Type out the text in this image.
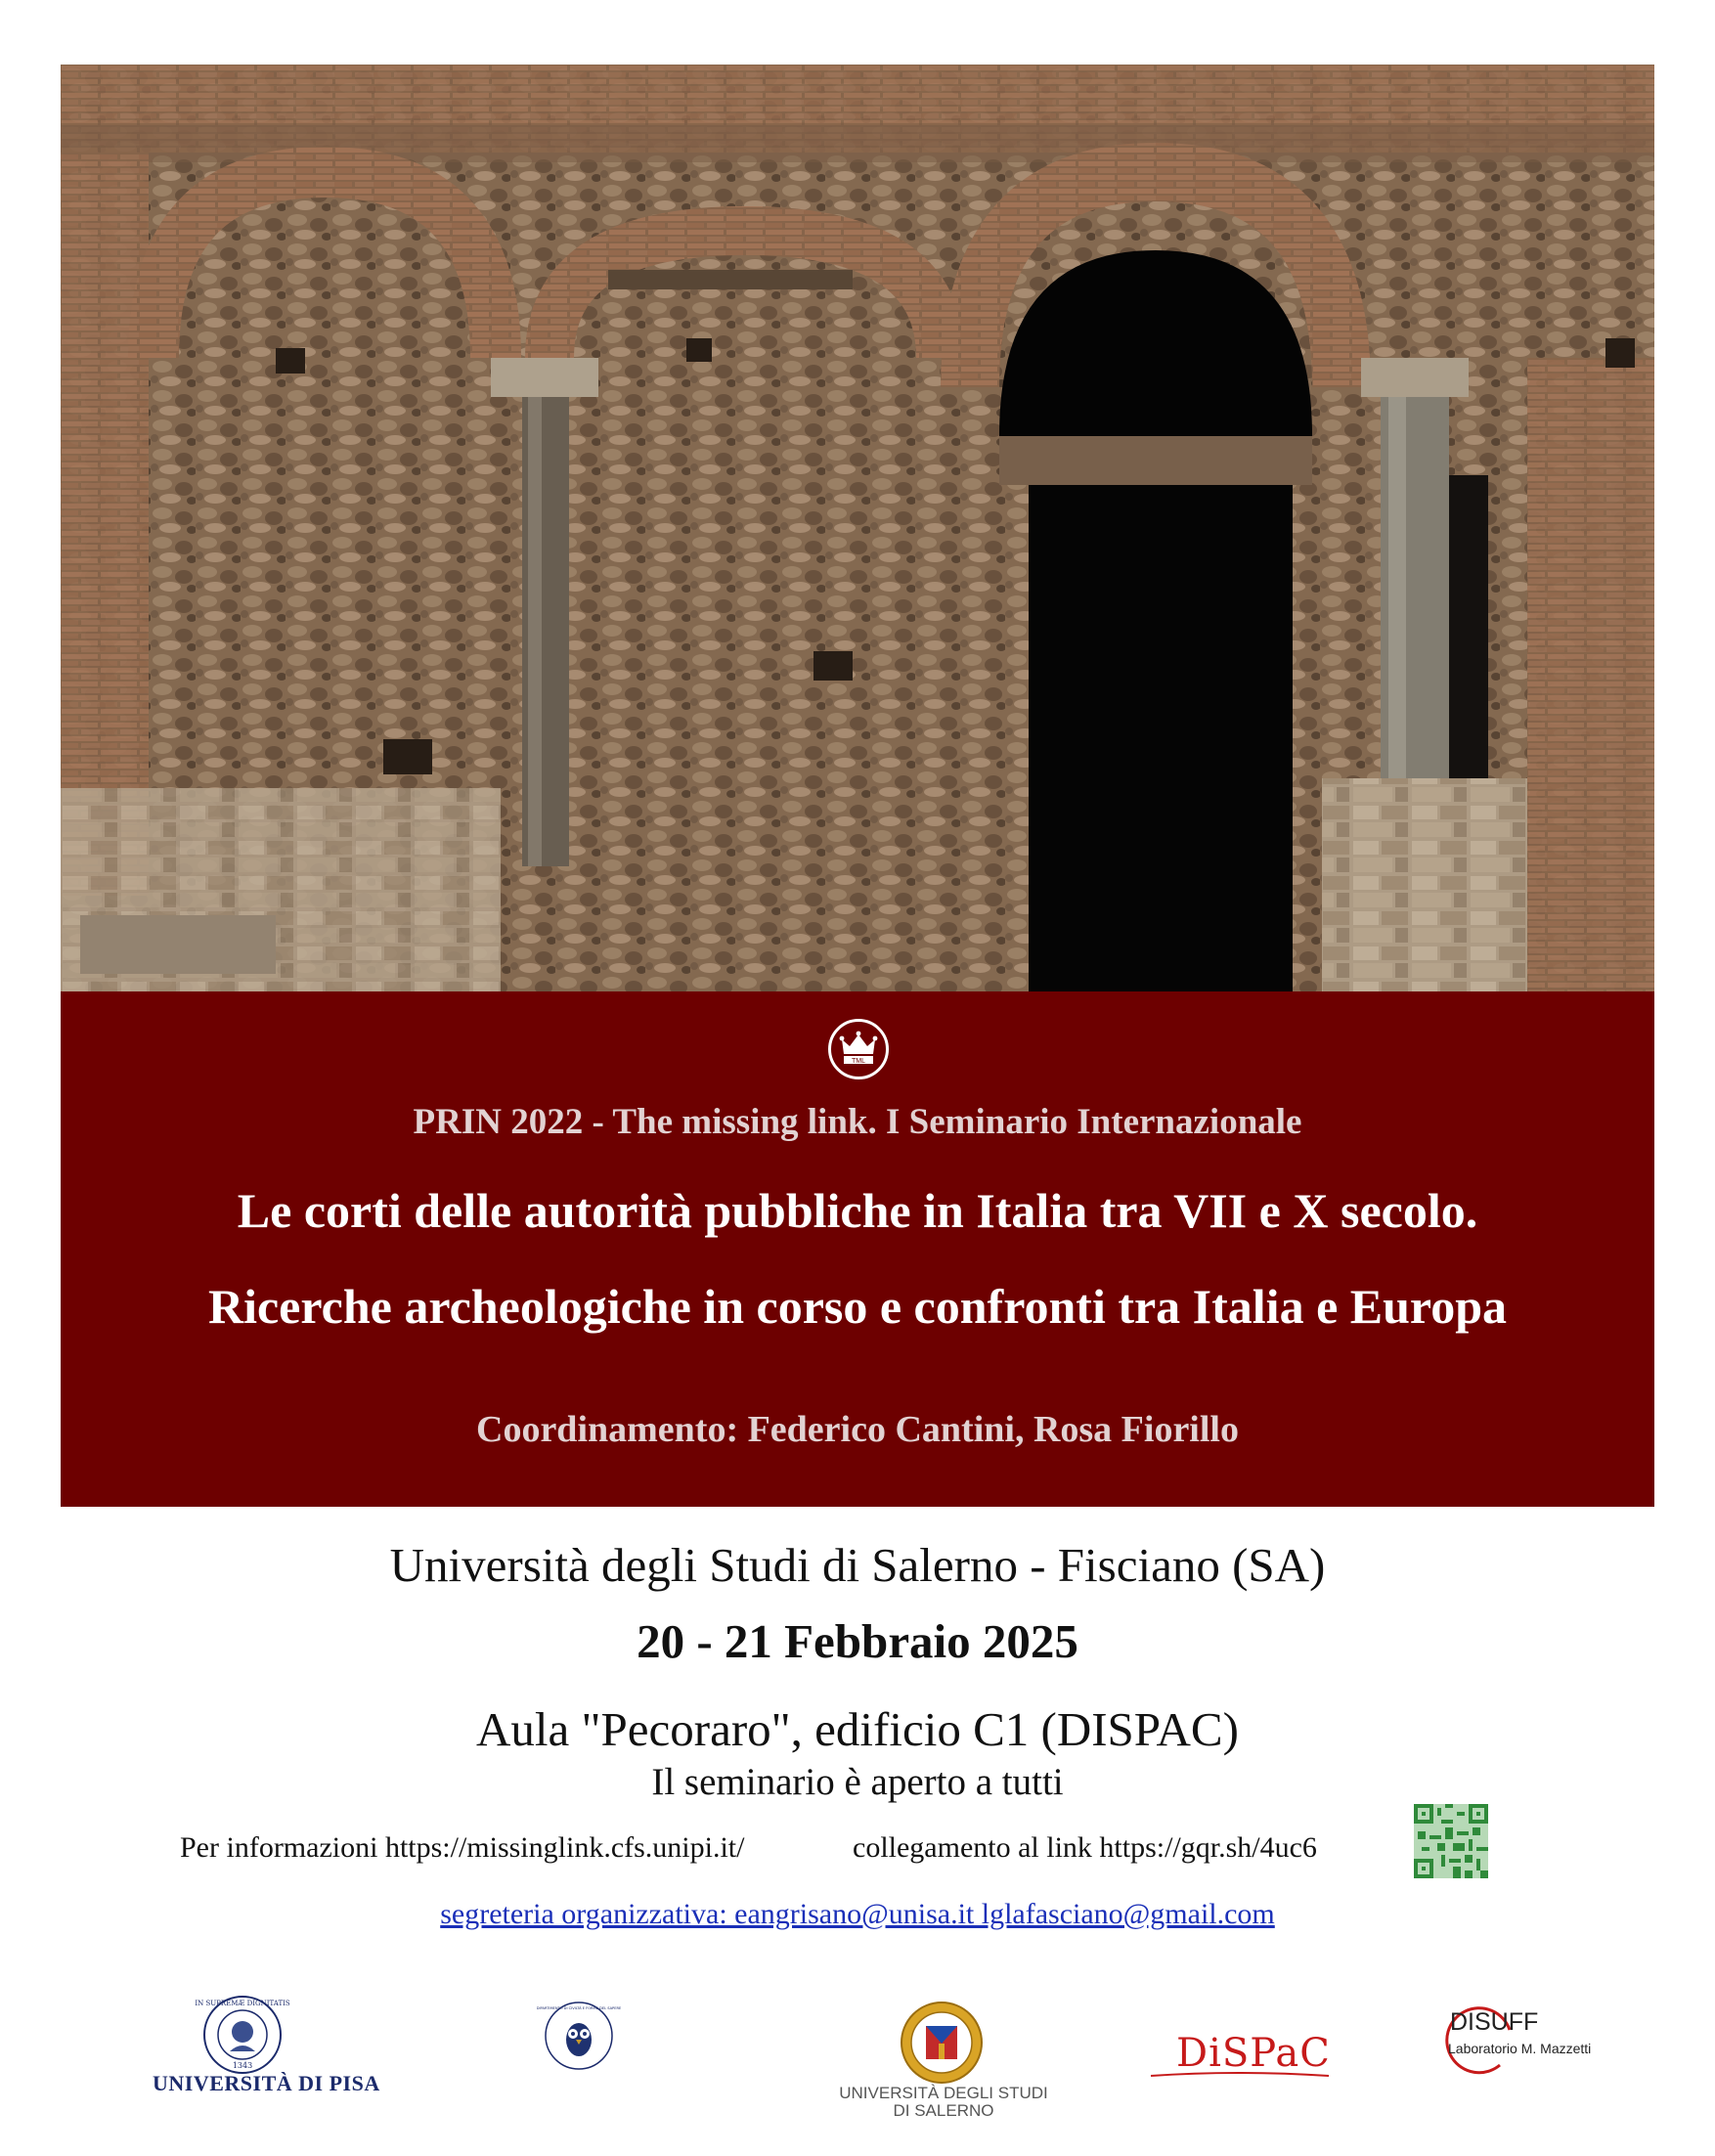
TML
PRIN 2022 - The missing link. I Seminario Internazionale
Le corti delle autorità pubbliche in Italia tra VII e X secolo.
Ricerche archeologiche in corso e confronti tra Italia e Europa
Coordinamento: Federico Cantini, Rosa Fiorillo
Università degli Studi di Salerno - Fisciano (SA)
20 - 21 Febbraio 2025
Aula "Pecoraro", edificio C1 (DISPAC)
Il seminario è aperto a tutti
Per informazioni https://missinglink.cfs.unipi.it/	collegamento al link https://gqr.sh/4uc6
segreteria organizzativa: eangrisano@unisa.it lglafasciano@gmail.com
IN SUPREMÆ DIGNITATIS
1343
DIPARTIMENTO DI CIVILTÀ E FORME DEL SAPERE
UNIVERSITÀ DI PISA	UNIVERSITÀ DEGLI STUDI
DI SALERNO
DiSPaC
DISUFF
Laboratorio M. Mazzetti
